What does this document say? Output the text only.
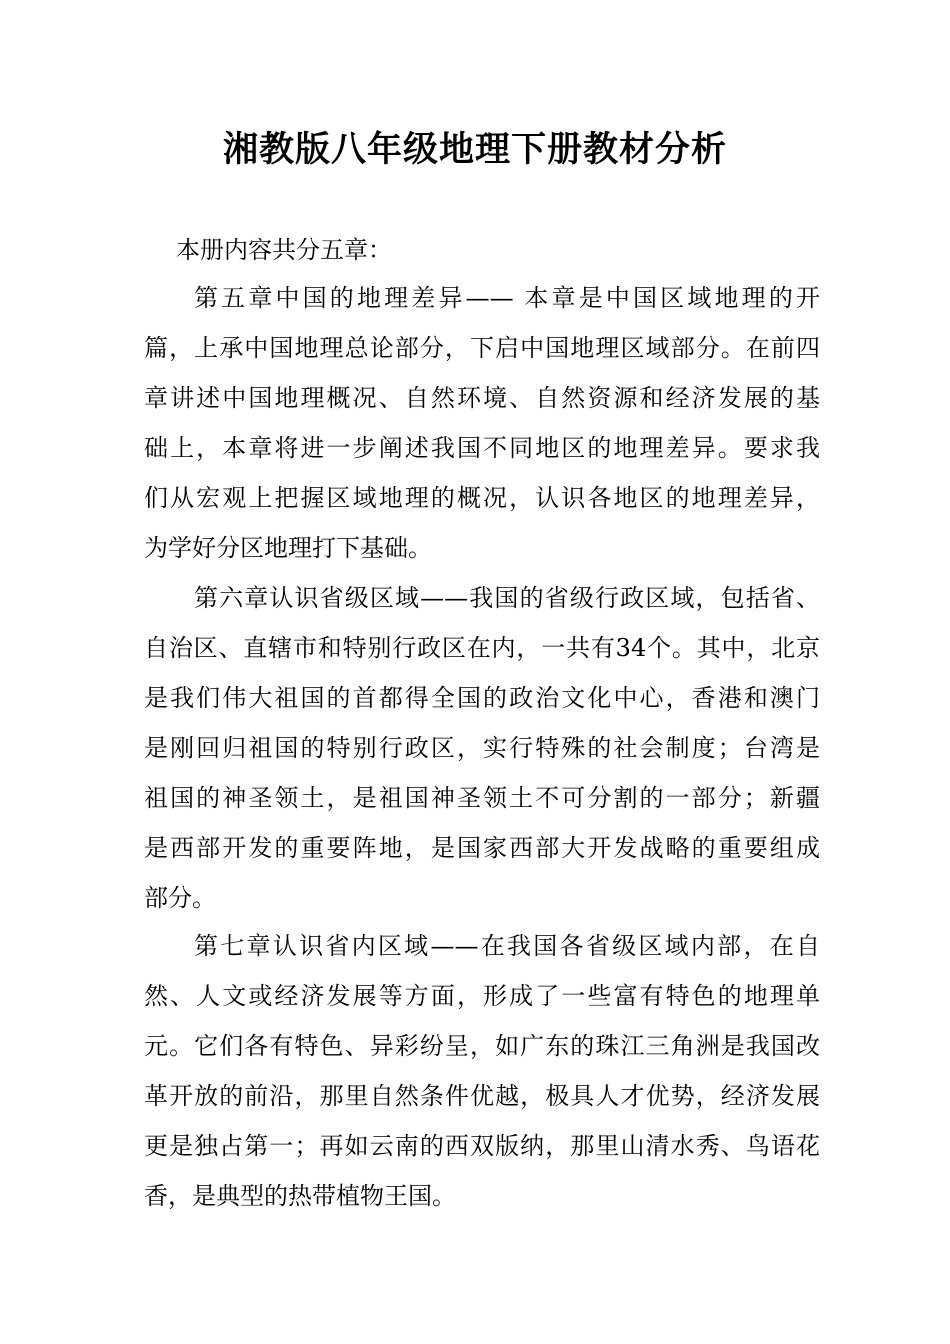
湘教版八年级地理下册教材分析
本册内容共分五章：
第五章中国的地理差异—— 本章是中国区域地理的开
篇，上承中国地理总论部分，下启中国地理区域部分。在前四
章讲述中国地理概况、自然环境、自然资源和经济发展的基
础上，本章将进一步阐述我国不同地区的地理差异。要求我
们从宏观上把握区域地理的概况，认识各地区的地理差异，
为学好分区地理打下基础。
第六章认识省级区域——我国的省级行政区域，包括省、
自治区、直辖市和特别行政区在内，一共有34个。其中，北京
是我们伟大祖国的首都得全国的政治文化中心，香港和澳门
是刚回归祖国的特别行政区，实行特殊的社会制度；台湾是
祖国的神圣领土，是祖国神圣领土不可分割的一部分；新疆
是西部开发的重要阵地，是国家西部大开发战略的重要组成
部分。
第七章认识省内区域——在我国各省级区域内部，在自
然、人文或经济发展等方面，形成了一些富有特色的地理单
元。它们各有特色、异彩纷呈，如广东的珠江三角洲是我国改
革开放的前沿，那里自然条件优越，极具人才优势，经济发展
更是独占第一；再如云南的西双版纳，那里山清水秀、鸟语花
香，是典型的热带植物王国。
